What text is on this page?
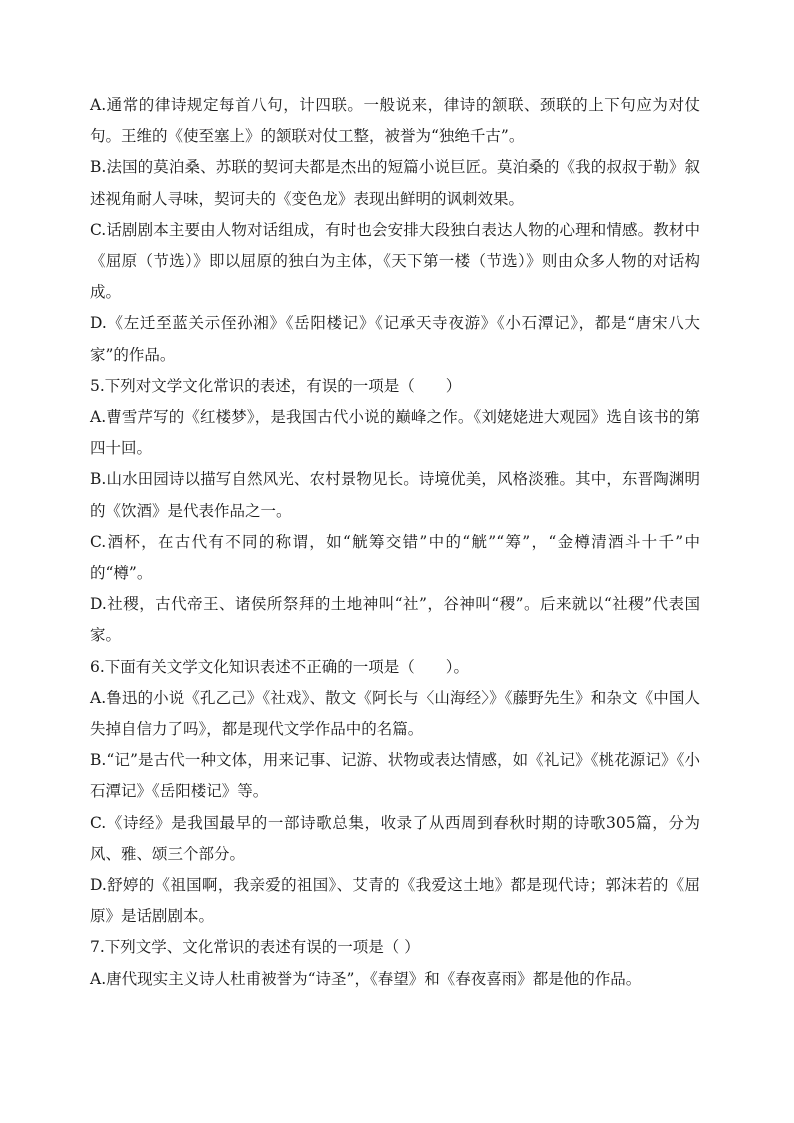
A.通常的律诗规定每首八句，计四联。一般说来，律诗的颔联、颈联的上下句应为对仗句。王维的《使至塞上》的颔联对仗工整，被誉为“独绝千古”。

B.法国的莫泊桑、苏联的契诃夫都是杰出的短篇小说巨匠。莫泊桑的《我的叔叔于勒》叙述视角耐人寻味，契诃夫的《变色龙》表现出鲜明的讽刺效果。

C.话剧剧本主要由人物对话组成，有时也会安排大段独白表达人物的心理和情感。教材中《屈原（节选）》即以屈原的独白为主体，《天下第一楼（节选）》则由众多人物的对话构成。

D.《左迁至蓝关示侄孙湘》《岳阳楼记》《记承天寺夜游》《小石潭记》，都是“唐宋八大家”的作品。

5.下列对文学文化常识的表述，有误的一项是（　　）

A.曹雪芹写的《红楼梦》，是我国古代小说的巅峰之作。《刘姥姥进大观园》选自该书的第四十回。

B.山水田园诗以描写自然风光、农村景物见长。诗境优美，风格淡雅。其中，东晋陶渊明的《饮酒》是代表作品之一。

C.酒杯，在古代有不同的称谓，如“觥筹交错”中的“觥”“筹”，“金樽清酒斗十千”中的“樽”。

D.社稷，古代帝王、诸侯所祭拜的土地神叫“社”，谷神叫“稷”。后来就以“社稷”代表国家。

6.下面有关文学文化知识表述不正确的一项是（　　）。

A.鲁迅的小说《孔乙己》《社戏》、散文《阿长与〈山海经〉》《藤野先生》和杂文《中国人失掉自信力了吗》，都是现代文学作品中的名篇。

B.“记”是古代一种文体，用来记事、记游、状物或表达情感，如《礼记》《桃花源记》《小石潭记》《岳阳楼记》等。

C.《诗经》是我国最早的一部诗歌总集，收录了从西周到春秋时期的诗歌305篇，分为风、雅、颂三个部分。

D.舒婷的《祖国啊，我亲爱的祖国》、艾青的《我爱这土地》都是现代诗；郭沫若的《屈原》是话剧剧本。

7.下列文学、文化常识的表述有误的一项是（ ）

A.唐代现实主义诗人杜甫被誉为“诗圣”，《春望》和《春夜喜雨》都是他的作品。
